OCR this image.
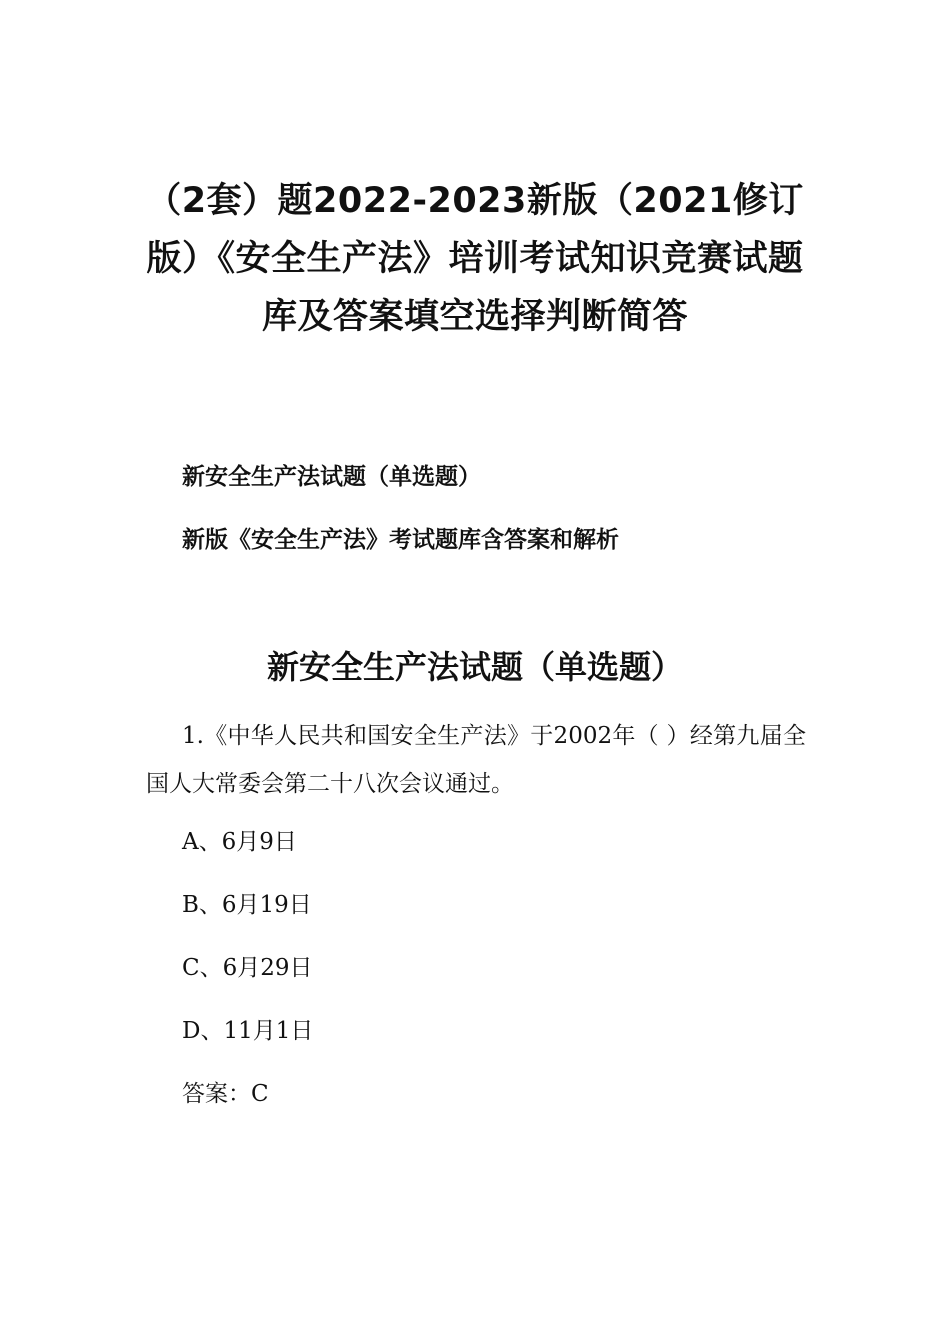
（2套）题2022-2023新版（2021修订版）《安全生产法》培训考试知识竞赛试题库及答案填空选择判断简答
新安全生产法试题（单选题）
新版《安全生产法》考试题库含答案和解析
新安全生产法试题（单选题）
1.《中华人民共和国安全生产法》于2002年（ ）经第九届全国人大常委会第二十八次会议通过。
A、6月9日
B、6月19日
C、6月29日
D、11月1日
答案：C
